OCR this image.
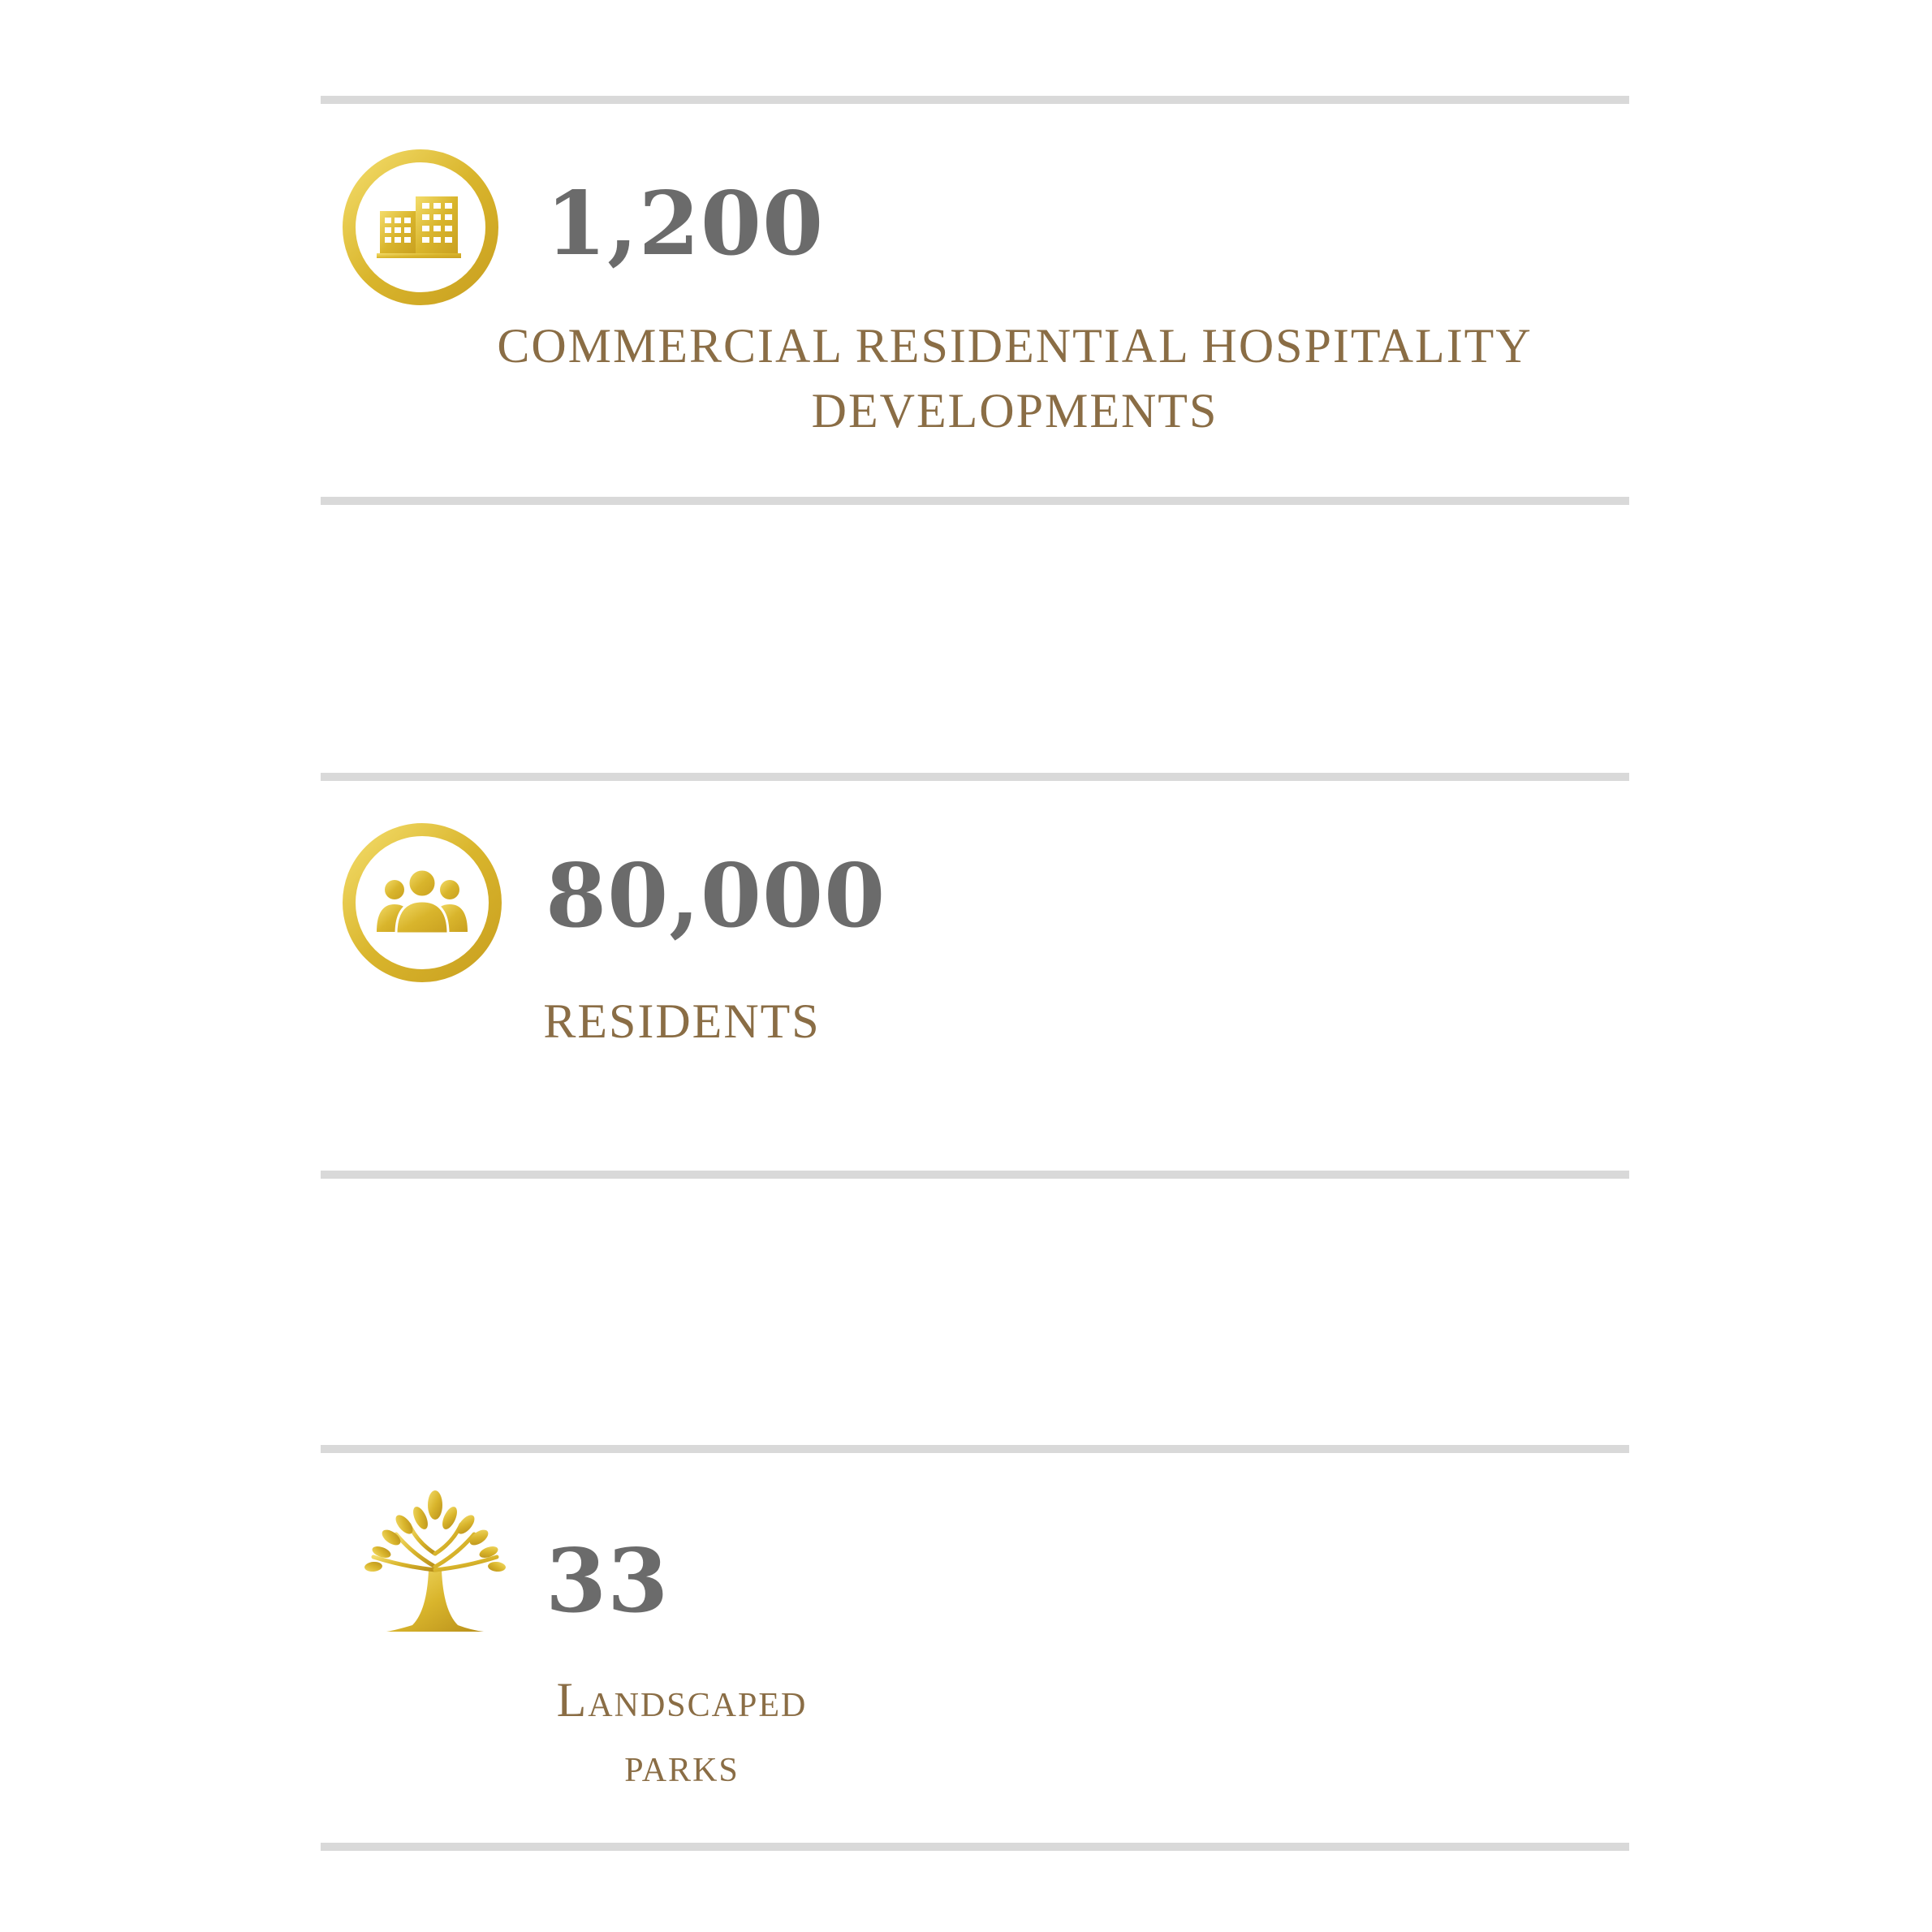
1,200
COMMERCIAL RESIDENTIAL HOSPITALITY
DEVELOPMENTS
80,000
RESIDENTS
33
Landscaped
parks
